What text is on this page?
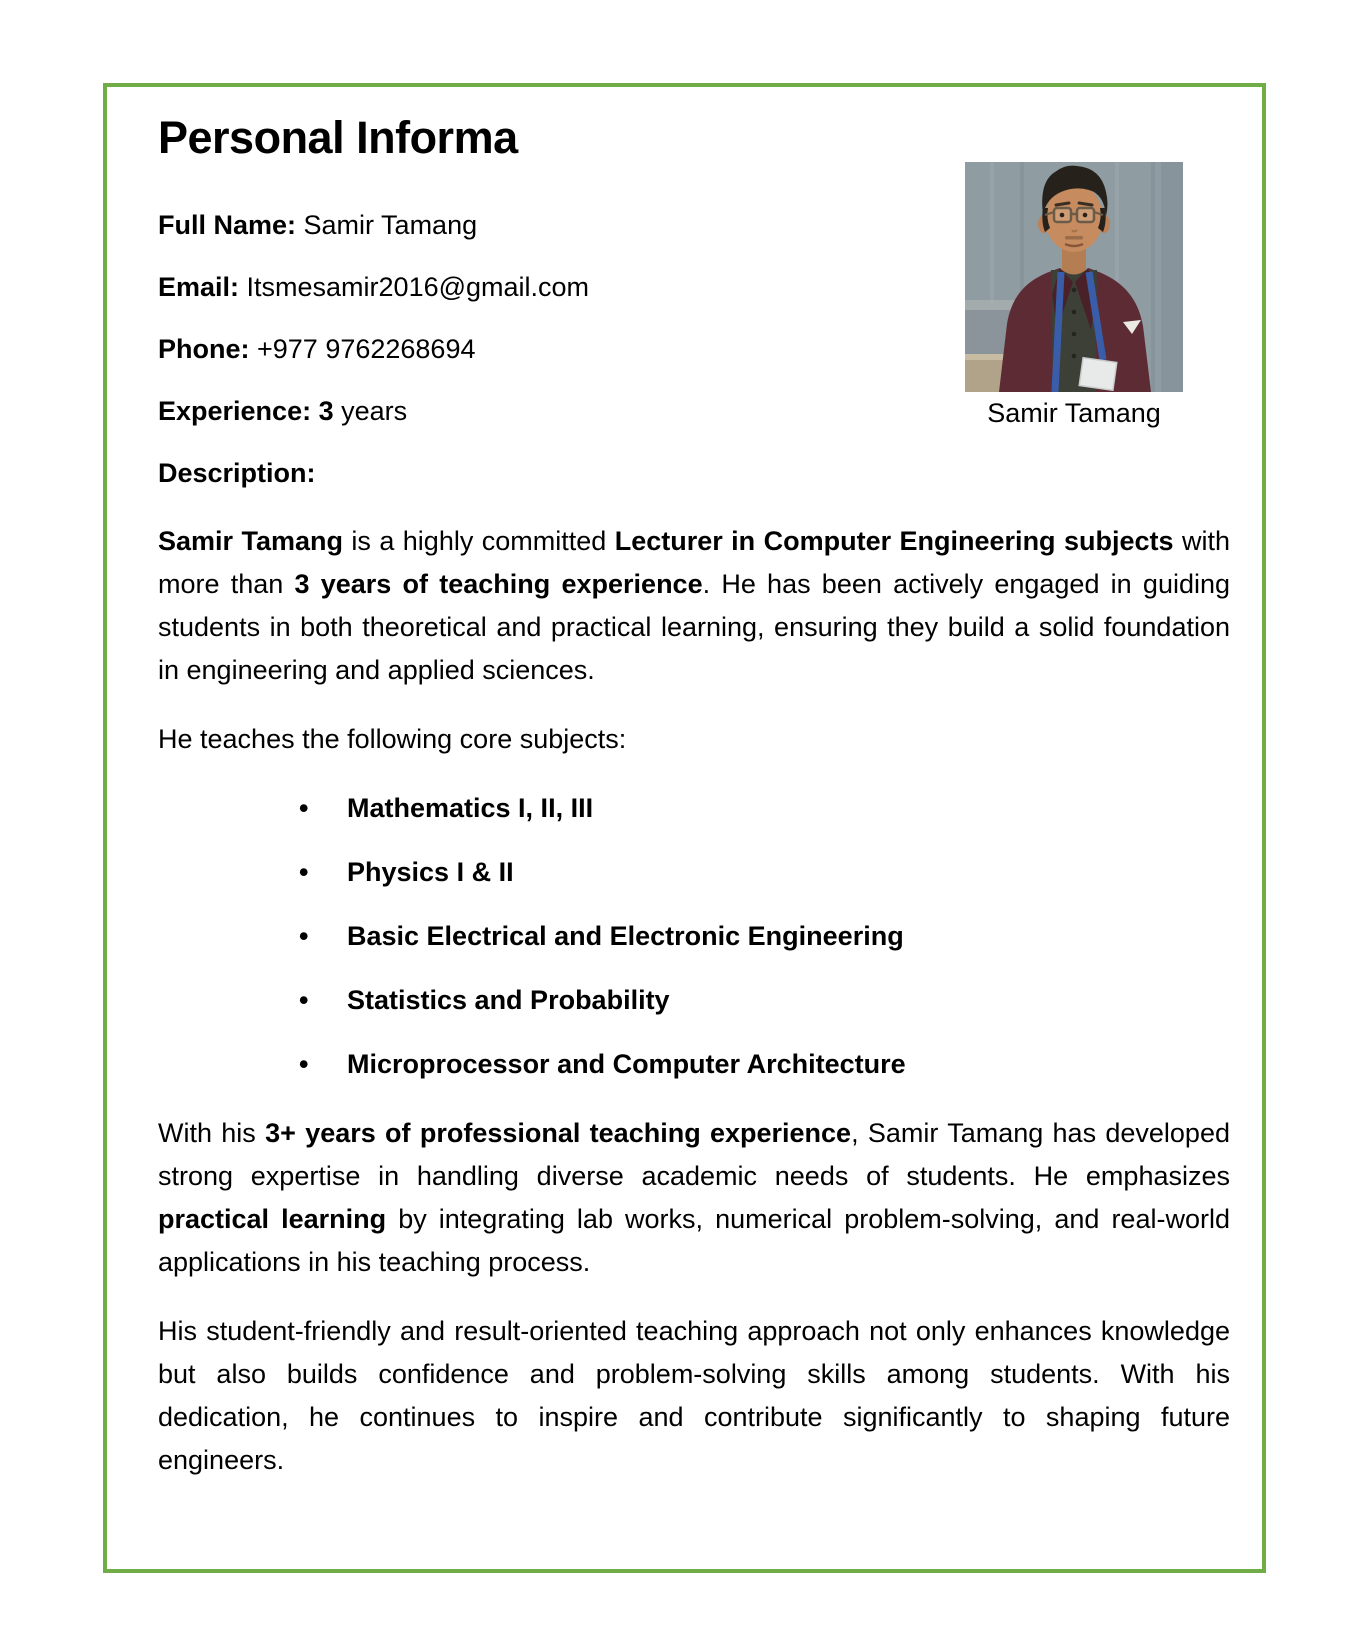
Personal Informa
Full Name: Samir Tamang
Email: Itsmesamir2016@gmail.com
Phone: +977 9762268694
Experience: 3 years
Description:

Samir Tamang is a highly committed Lecturer in Computer Engineering subjects with more than 3 years of teaching experience. He has been actively engaged in guiding students in both theoretical and practical learning, ensuring they build a solid foundation in engineering and applied sciences.

He teaches the following core subjects:

• Mathematics I, II, III
• Physics I & II
• Basic Electrical and Electronic Engineering
• Statistics and Probability
• Microprocessor and Computer Architecture

With his 3+ years of professional teaching experience, Samir Tamang has developed strong expertise in handling diverse academic needs of students. He emphasizes practical learning by integrating lab works, numerical problem-solving, and real-world applications in his teaching process.

His student-friendly and result-oriented teaching approach not only enhances knowledge but also builds confidence and problem-solving skills among students. With his dedication, he continues to inspire and contribute significantly to shaping future engineers.

Samir Tamang
